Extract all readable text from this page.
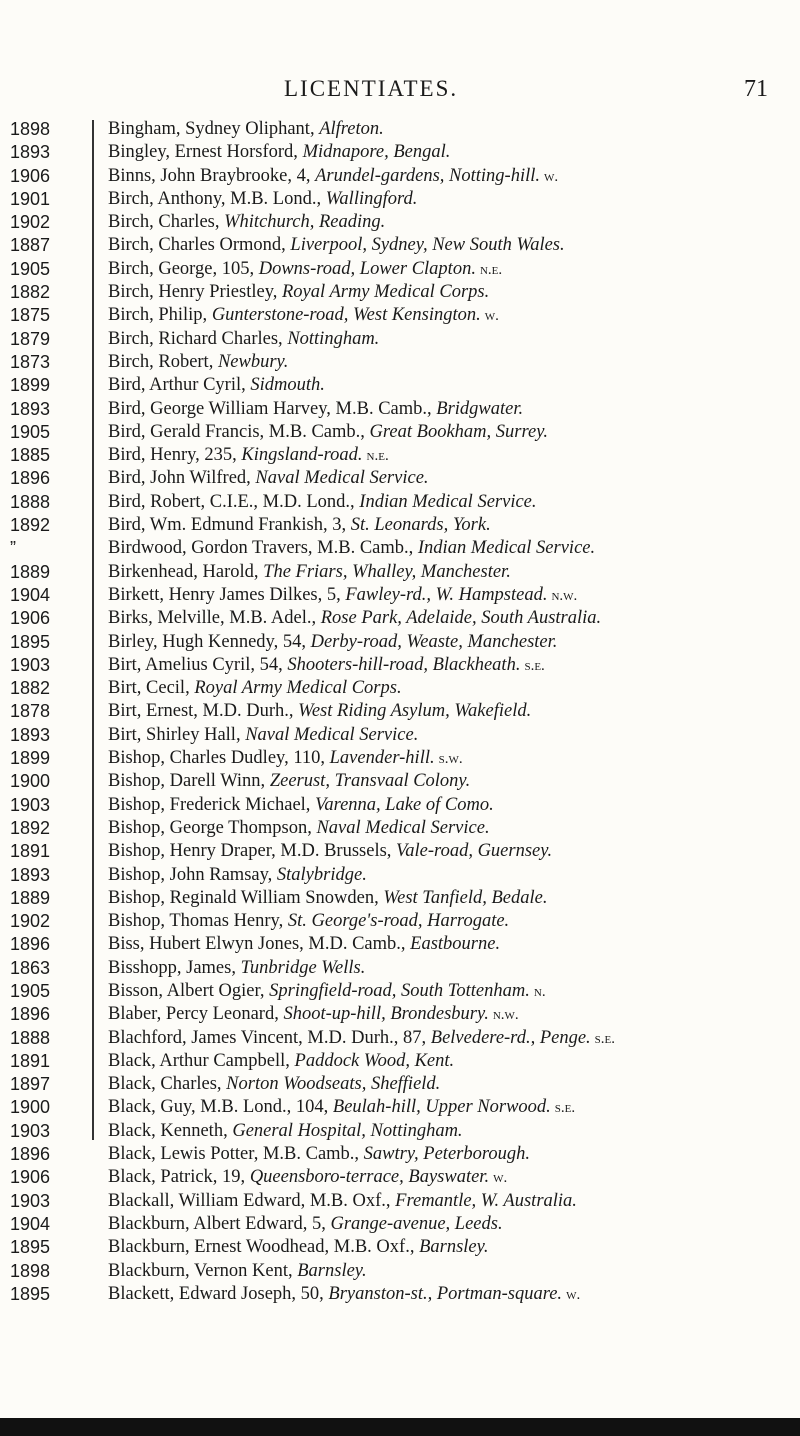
LICENTIATES.	71
1898	Bingham, Sydney Oliphant, Alfreton.
1893	Bingley, Ernest Horsford, Midnapore, Bengal.
1906	Binns, John Braybrooke, 4, Arundel-gardens, Notting-hill. w.
1901	Birch, Anthony, M.B. Lond., Wallingford.
1902	Birch, Charles, Whitchurch, Reading.
1887	Birch, Charles Ormond, Liverpool, Sydney, New South Wales.
1905	Birch, George, 105, Downs-road, Lower Clapton. n.e.
1882	Birch, Henry Priestley, Royal Army Medical Corps.
1875	Birch, Philip, Gunterstone-road, West Kensington. w.
1879	Birch, Richard Charles, Nottingham.
1873	Birch, Robert, Newbury.
1899	Bird, Arthur Cyril, Sidmouth.
1893	Bird, George William Harvey, M.B. Camb., Bridgwater.
1905	Bird, Gerald Francis, M.B. Camb., Great Bookham, Surrey.
1885	Bird, Henry, 235, Kingsland-road. n.e.
1896	Bird, John Wilfred, Naval Medical Service.
1888	Bird, Robert, C.I.E., M.D. Lond., Indian Medical Service.
1892	Bird, Wm. Edmund Frankish, 3, St. Leonards, York.
”	Birdwood, Gordon Travers, M.B. Camb., Indian Medical Service.
1889	Birkenhead, Harold, The Friars, Whalley, Manchester.
1904	Birkett, Henry James Dilkes, 5, Fawley-rd., W. Hampstead. n.w.
1906	Birks, Melville, M.B. Adel., Rose Park, Adelaide, South Australia.
1895	Birley, Hugh Kennedy, 54, Derby-road, Weaste, Manchester.
1903	Birt, Amelius Cyril, 54, Shooters-hill-road, Blackheath. s.e.
1882	Birt, Cecil, Royal Army Medical Corps.
1878	Birt, Ernest, M.D. Durh., West Riding Asylum, Wakefield.
1893	Birt, Shirley Hall, Naval Medical Service.
1899	Bishop, Charles Dudley, 110, Lavender-hill. s.w.
1900	Bishop, Darell Winn, Zeerust, Transvaal Colony.
1903	Bishop, Frederick Michael, Varenna, Lake of Como.
1892	Bishop, George Thompson, Naval Medical Service.
1891	Bishop, Henry Draper, M.D. Brussels, Vale-road, Guernsey.
1893	Bishop, John Ramsay, Stalybridge.
1889	Bishop, Reginald William Snowden, West Tanfield, Bedale.
1902	Bishop, Thomas Henry, St. George's-road, Harrogate.
1896	Biss, Hubert Elwyn Jones, M.D. Camb., Eastbourne.
1863	Bisshopp, James, Tunbridge Wells.
1905	Bisson, Albert Ogier, Springfield-road, South Tottenham. n.
1896	Blaber, Percy Leonard, Shoot-up-hill, Brondesbury. n.w.
1888	Blachford, James Vincent, M.D. Durh., 87, Belvedere-rd., Penge. s.e.
1891	Black, Arthur Campbell, Paddock Wood, Kent.
1897	Black, Charles, Norton Woodseats, Sheffield.
1900	Black, Guy, M.B. Lond., 104, Beulah-hill, Upper Norwood. s.e.
1903	Black, Kenneth, General Hospital, Nottingham.
1896	Black, Lewis Potter, M.B. Camb., Sawtry, Peterborough.
1906	Black, Patrick, 19, Queensboro-terrace, Bayswater. w.
1903	Blackall, William Edward, M.B. Oxf., Fremantle, W. Australia.
1904	Blackburn, Albert Edward, 5, Grange-avenue, Leeds.
1895	Blackburn, Ernest Woodhead, M.B. Oxf., Barnsley.
1898	Blackburn, Vernon Kent, Barnsley.
1895	Blackett, Edward Joseph, 50, Bryanston-st., Portman-square. w.
